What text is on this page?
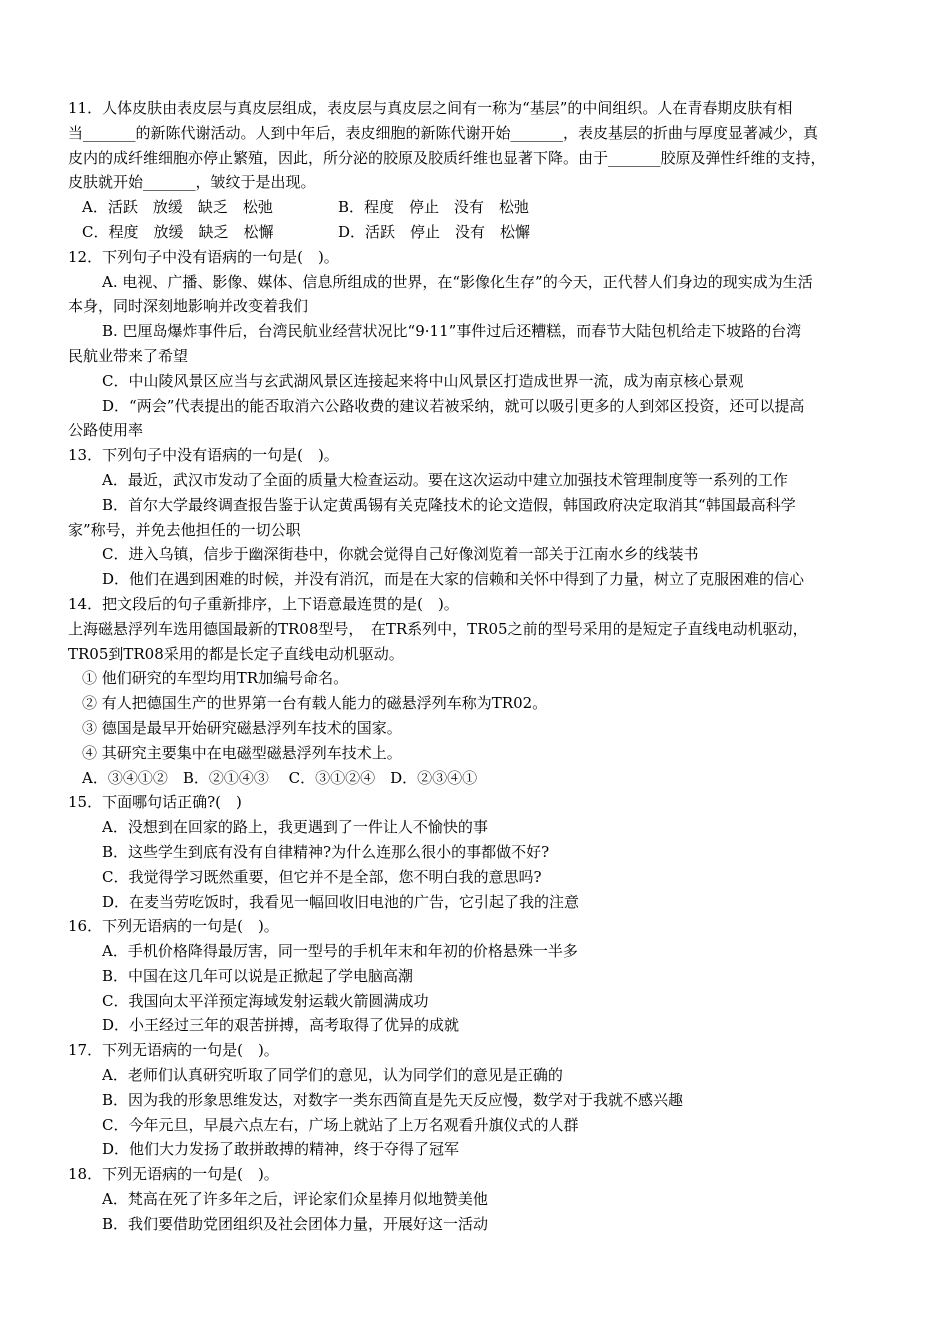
11．人体皮肤由表皮层与真皮层组成，表皮层与真皮层之间有一称为“基层”的中间组织。人在青春期皮肤有相
当_______的新陈代谢活动。人到中年后，表皮细胞的新陈代谢开始_______，表皮基层的折曲与厚度显著减少，真
皮内的成纤维细胞亦停止繁殖，因此，所分泌的胶原及胶质纤维也显著下降。由于_______胶原及弹性纤维的支持，
皮肤就开始_______，皱纹于是出现。
A．活跃　放缓　缺乏　松弛	B．程度　停止　没有　松弛
C．程度　放缓　缺乏　松懈	D．活跃　停止　没有　松懈
12．下列句子中没有语病的一句是(　)。
A. 电视、广播、影像、媒体、信息所组成的世界，在“影像化生存”的今天，正代替人们身边的现实成为生活
本身，同时深刻地影响并改变着我们
B. 巴厘岛爆炸事件后，台湾民航业经营状况比“9·11”事件过后还糟糕，而春节大陆包机给走下坡路的台湾
民航业带来了希望
C．中山陵风景区应当与玄武湖风景区连接起来将中山风景区打造成世界一流，成为南京核心景观
D．“两会”代表提出的能否取消六公路收费的建议若被采纳，就可以吸引更多的人到郊区投资，还可以提高
公路使用率
13．下列句子中没有语病的一句是(　)。
A．最近，武汉市发动了全面的质量大检查运动。要在这次运动中建立加强技术管理制度等一系列的工作
B．首尔大学最终调查报告鉴于认定黄禹锡有关克隆技术的论文造假，韩国政府决定取消其“韩国最高科学
家”称号，并免去他担任的一切公职
C．进入乌镇，信步于幽深街巷中，你就会觉得自己好像浏览着一部关于江南水乡的线装书
D．他们在遇到困难的时候，并没有消沉，而是在大家的信赖和关怀中得到了力量，树立了克服困难的信心
14．把文段后的句子重新排序，上下语意最连贯的是(　)。
上海磁悬浮列车选用德国最新的TR08型号，　在TR系列中，TR05之前的型号采用的是短定子直线电动机驱动，
TR05到TR08采用的都是长定子直线电动机驱动。
① 他们研究的车型均用TR加编号命名。
② 有人把德国生产的世界第一台有载人能力的磁悬浮列车称为TR02。
③ 德国是最早开始研究磁悬浮列车技术的国家。
④ 其研究主要集中在电磁型磁悬浮列车技术上。
A．③④①②　B．②①④③　 C．③①②④　D．②③④①
15．下面哪句话正确?(　)
A．没想到在回家的路上，我更遇到了一件让人不愉快的事
B．这些学生到底有没有自律精神?为什么连那么很小的事都做不好?
C．我觉得学习既然重要，但它并不是全部，您不明白我的意思吗?
D．在麦当劳吃饭时，我看见一幅回收旧电池的广告，它引起了我的注意
16．下列无语病的一句是(　)。
A．手机价格降得最厉害，同一型号的手机年末和年初的价格悬殊一半多
B．中国在这几年可以说是正掀起了学电脑高潮
C．我国向太平洋预定海域发射运载火箭圆满成功
D．小王经过三年的艰苦拼搏，高考取得了优异的成就
17．下列无语病的一句是(　)。
A．老师们认真研究听取了同学们的意见，认为同学们的意见是正确的
B．因为我的形象思维发达，对数字一类东西简直是先天反应慢，数学对于我就不感兴趣
C．今年元旦，早晨六点左右，广场上就站了上万名观看升旗仪式的人群
D．他们大力发扬了敢拼敢搏的精神，终于夺得了冠军
18．下列无语病的一句是(　)。
A．梵高在死了许多年之后，评论家们众星捧月似地赞美他
B．我们要借助党团组织及社会团体力量，开展好这一活动
